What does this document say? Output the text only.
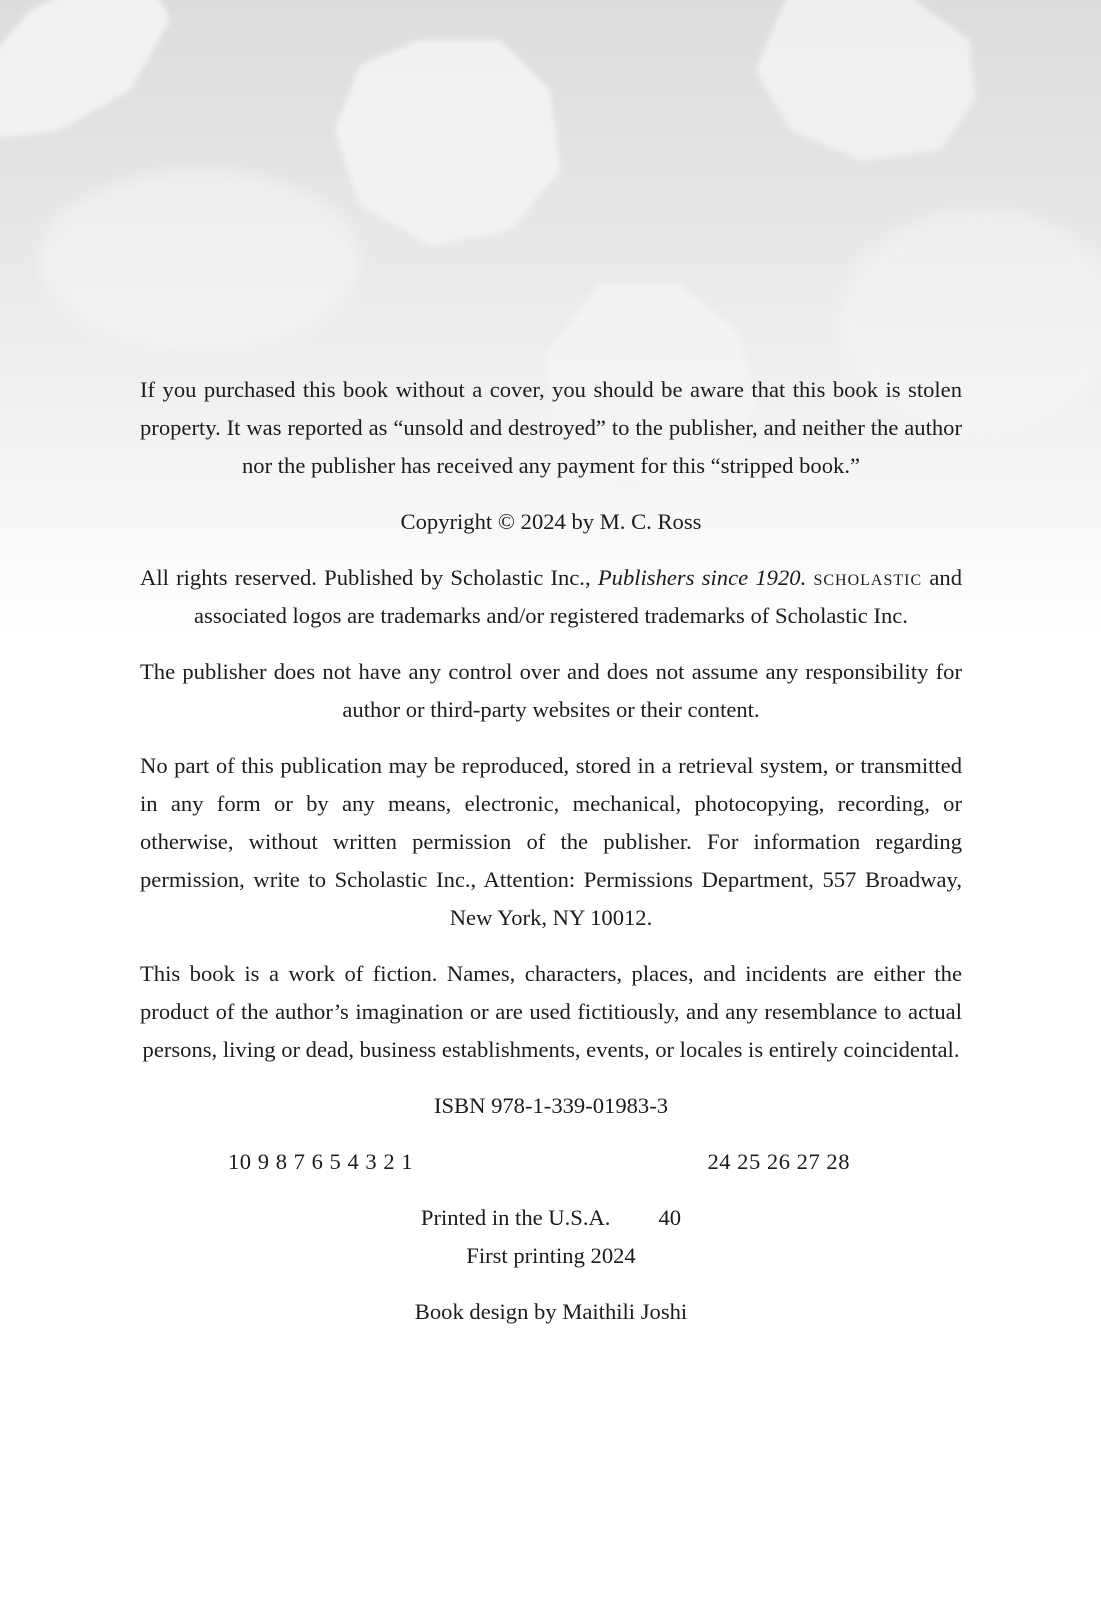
If you purchased this book without a cover, you should be aware that this book is stolen property. It was reported as “unsold and destroyed” to the publisher, and neither the author nor the publisher has received any payment for this “stripped book.”

Copyright © 2024 by M. C. Ross

All rights reserved. Published by Scholastic Inc., Publishers since 1920. scholastic and associated logos are trademarks and/or registered trademarks of Scholastic Inc.

The publisher does not have any control over and does not assume any responsibility for author or third-party websites or their content.

No part of this publication may be reproduced, stored in a retrieval system, or transmitted in any form or by any means, electronic, mechanical, photocopying, recording, or otherwise, without written permission of the publisher. For information regarding permission, write to Scholastic Inc., Attention: Permissions Department, 557 Broadway, New York, NY 10012.

This book is a work of fiction. Names, characters, places, and incidents are either the product of the author’s imagination or are used fictitiously, and any resemblance to actual persons, living or dead, business establishments, events, or locales is entirely coincidental.

ISBN 978-1-339-01983-3

10 9 8 7 6 5 4 3 2 1	24 25 26 27 28
Printed in the U.S.A. 40
First printing 2024

Book design by Maithili Joshi
